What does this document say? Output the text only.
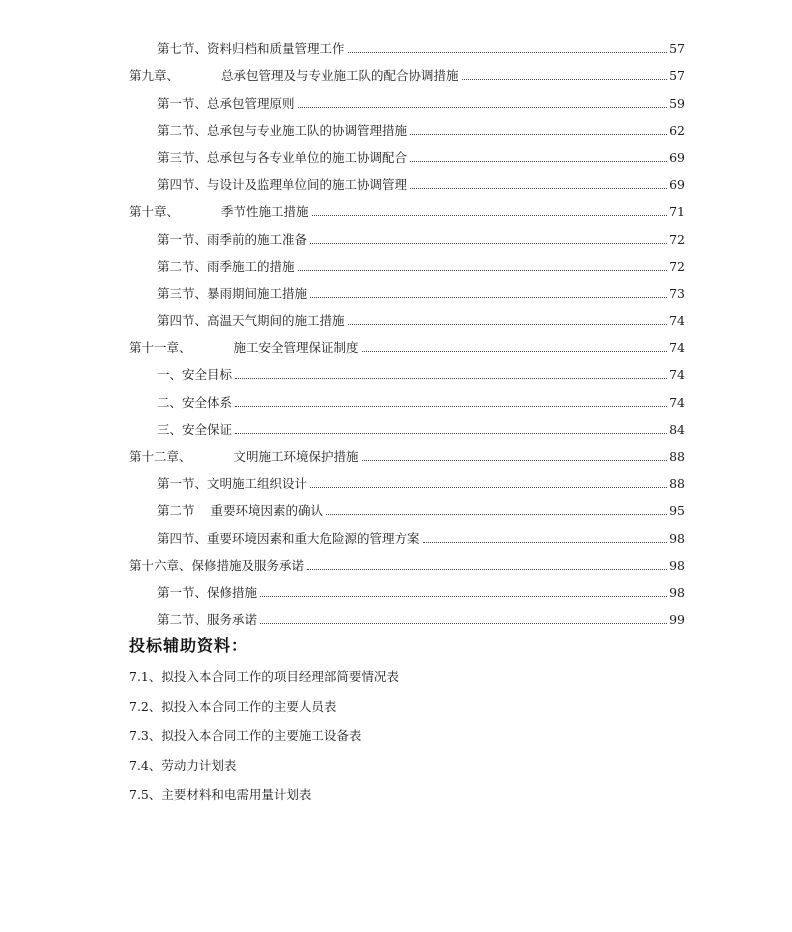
第七节、资料归档和质量管理工作	57
第九章、	总承包管理及与专业施工队的配合协调措施	57
第一节、总承包管理原则	59
第二节、总承包与专业施工队的协调管理措施	62
第三节、总承包与各专业单位的施工协调配合	69
第四节、与设计及监理单位间的施工协调管理	69
第十章、	季节性施工措施	71
第一节、雨季前的施工准备	72
第二节、雨季施工的措施	72
第三节、暴雨期间施工措施	73
第四节、高温天气期间的施工措施	74
第十一章、	施工安全管理保证制度	74
一、安全目标	74
二、安全体系	74
三、安全保证	84
第十二章、	文明施工环境保护措施	88
第一节、文明施工组织设计	88
第二节 重要环境因素的确认	95
第四节、重要环境因素和重大危险源的管理方案	98
第十六章、保修措施及服务承诺	98
第一节、保修措施	98
第二节、服务承诺	99
投标辅助资料：
7.1、拟投入本合同工作的项目经理部简要情况表
7.2、拟投入本合同工作的主要人员表
7.3、拟投入本合同工作的主要施工设备表
7.4、劳动力计划表
7.5、主要材料和电需用量计划表
